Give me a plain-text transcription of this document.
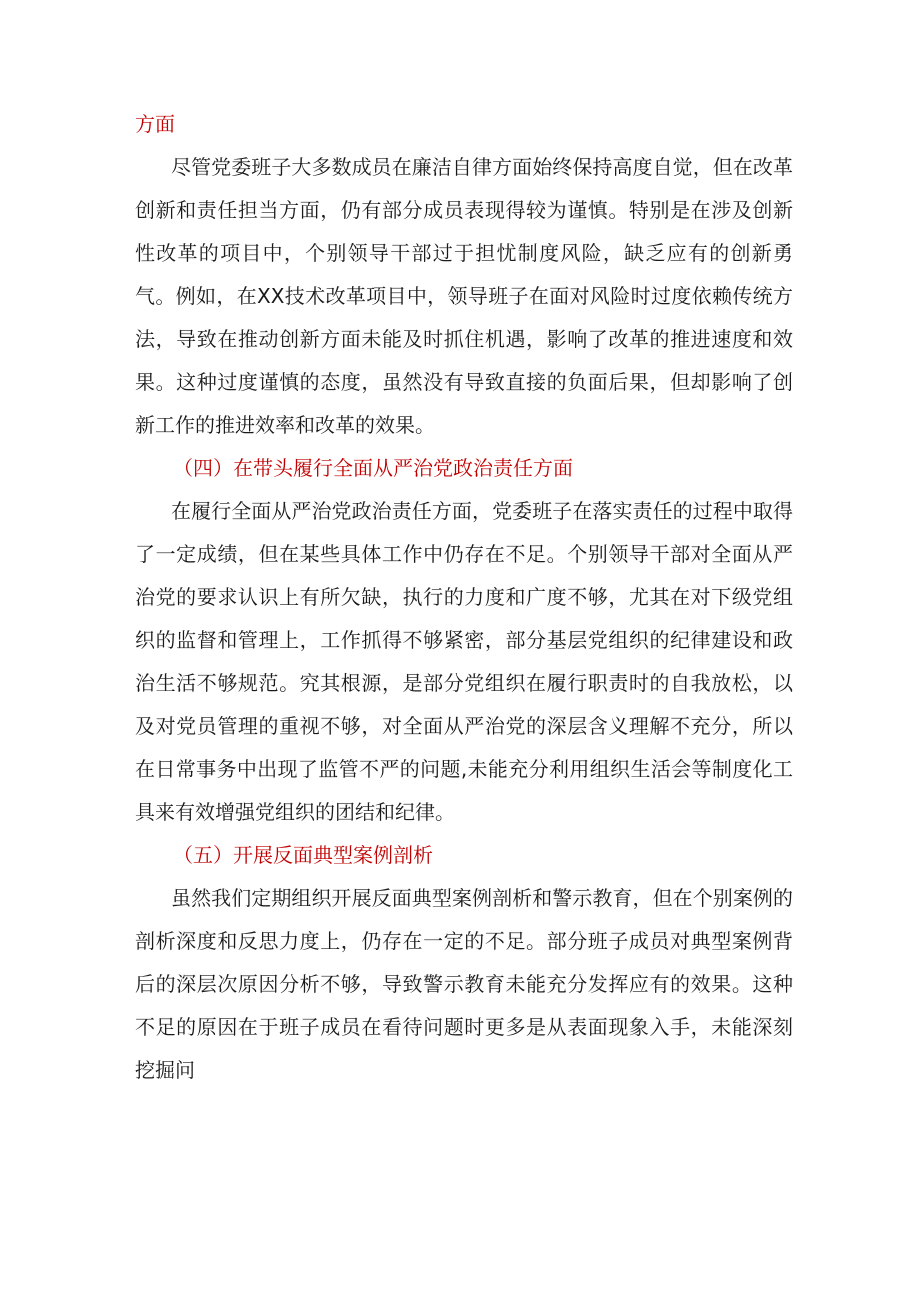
方面

尽管党委班子大多数成员在廉洁自律方面始终保持高度自觉，但在改革创新和责任担当方面，仍有部分成员表现得较为谨慎。特别是在涉及创新性改革的项目中，个别领导干部过于担忧制度风险，缺乏应有的创新勇气。例如，在XX技术改革项目中，领导班子在面对风险时过度依赖传统方法，导致在推动创新方面未能及时抓住机遇，影响了改革的推进速度和效果。这种过度谨慎的态度，虽然没有导致直接的负面后果，但却影响了创新工作的推进效率和改革的效果。

（四）在带头履行全面从严治党政治责任方面

在履行全面从严治党政治责任方面，党委班子在落实责任的过程中取得了一定成绩，但在某些具体工作中仍存在不足。个别领导干部对全面从严治党的要求认识上有所欠缺，执行的力度和广度不够，尤其在对下级党组织的监督和管理上，工作抓得不够紧密，部分基层党组织的纪律建设和政治生活不够规范。究其根源，是部分党组织在履行职责时的自我放松，以及对党员管理的重视不够，对全面从严治党的深层含义理解不充分，所以在日常事务中出现了监管不严的问题,未能充分利用组织生活会等制度化工具来有效增强党组织的团结和纪律。

（五）开展反面典型案例剖析

虽然我们定期组织开展反面典型案例剖析和警示教育，但在个别案例的剖析深度和反思力度上，仍存在一定的不足。部分班子成员对典型案例背后的深层次原因分析不够，导致警示教育未能充分发挥应有的效果。这种不足的原因在于班子成员在看待问题时更多是从表面现象入手，未能深刻挖掘问
